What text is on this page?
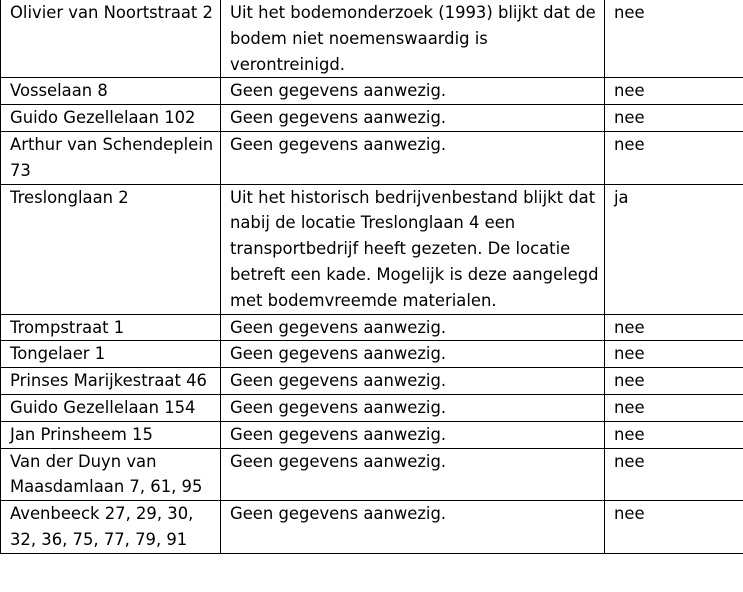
Olivier van Noortstraat 2	Uit het bodemonderzoek (1993) blijkt dat de bodem niet noemenswaardig is verontreinigd.	nee
Vosselaan 8	Geen gegevens aanwezig.	nee
Guido Gezellelaan 102	Geen gegevens aanwezig.	nee
Arthur van Schendeplein 73	Geen gegevens aanwezig.	nee
Treslonglaan 2	Uit het historisch bedrijvenbestand blijkt dat nabij de locatie Treslonglaan 4 een transportbedrijf heeft gezeten. De locatie betreft een kade. Mogelijk is deze aangelegd met bodemvreemde materialen.	ja
Trompstraat 1	Geen gegevens aanwezig.	nee
Tongelaer 1	Geen gegevens aanwezig.	nee
Prinses Marijkestraat 46	Geen gegevens aanwezig.	nee
Guido Gezellelaan 154	Geen gegevens aanwezig.	nee
Jan Prinsheem 15	Geen gegevens aanwezig.	nee
Van der Duyn van Maasdamlaan 7, 61, 95	Geen gegevens aanwezig.	nee
Avenbeeck 27, 29, 30, 32, 36, 75, 77, 79, 91	Geen gegevens aanwezig.	nee
